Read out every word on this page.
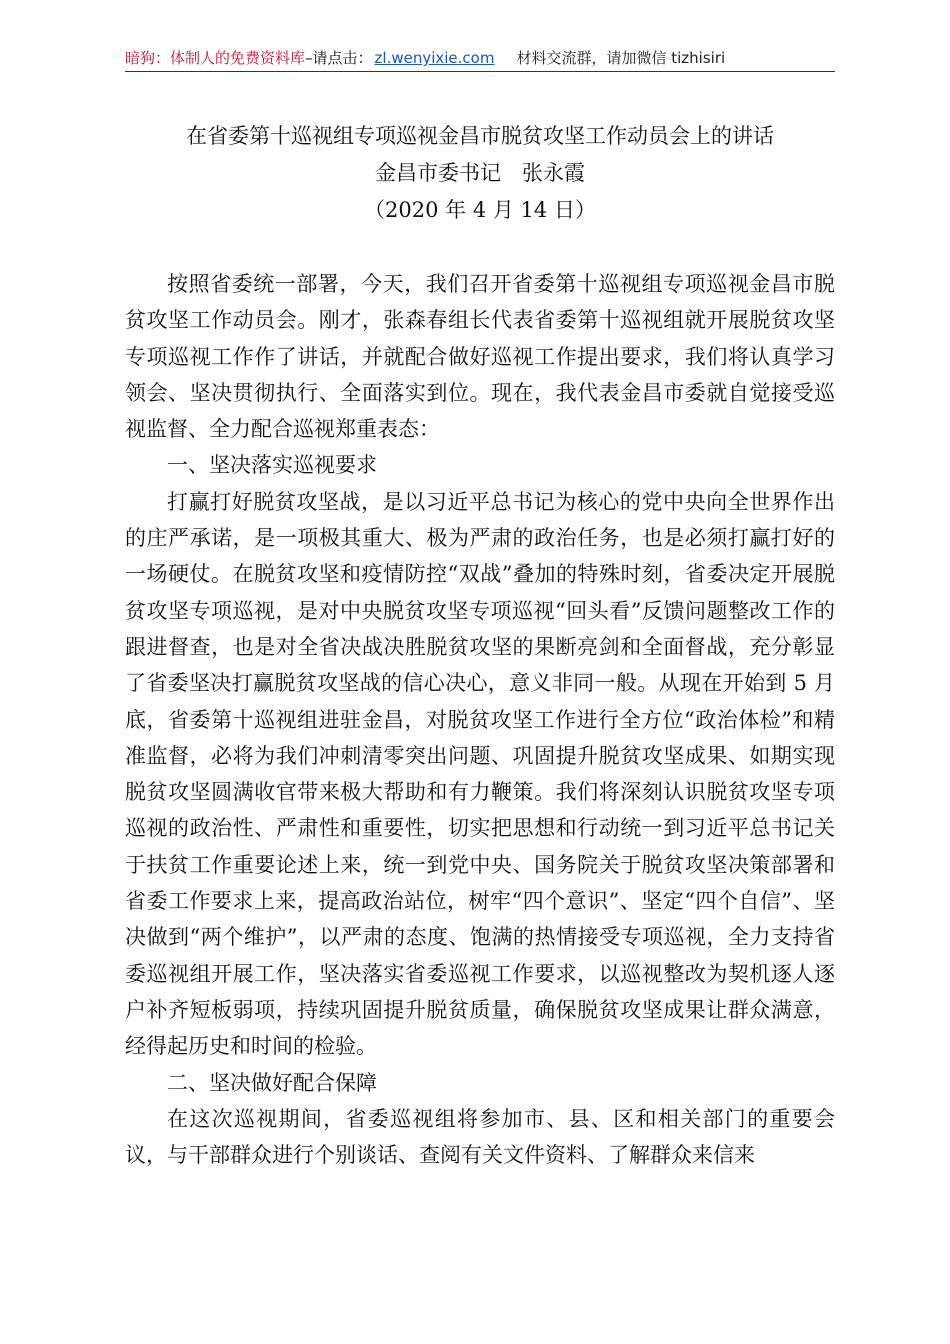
暗狗：体制人的免费资料库–请点击： zl.wenyixie.com 材料交流群，请加微信 tizhisiri
在省委第十巡视组专项巡视金昌市脱贫攻坚工作动员会上的讲话
金昌市委书记　张永霞
（2020 年 4 月 14 日）

按照省委统一部署，今天，我们召开省委第十巡视组专项巡视金昌市脱贫攻坚工作动员会。刚才，张森春组长代表省委第十巡视组就开展脱贫攻坚专项巡视工作作了讲话，并就配合做好巡视工作提出要求，我们将认真学习领会、坚决贯彻执行、全面落实到位。现在，我代表金昌市委就自觉接受巡视监督、全力配合巡视郑重表态：

一、坚决落实巡视要求

打赢打好脱贫攻坚战，是以习近平总书记为核心的党中央向全世界作出的庄严承诺，是一项极其重大、极为严肃的政治任务，也是必须打赢打好的一场硬仗。在脱贫攻坚和疫情防控“双战”叠加的特殊时刻，省委决定开展脱贫攻坚专项巡视，是对中央脱贫攻坚专项巡视“回头看”反馈问题整改工作的跟进督查，也是对全省决战决胜脱贫攻坚的果断亮剑和全面督战，充分彰显了省委坚决打赢脱贫攻坚战的信心决心，意义非同一般。从现在开始到 5 月底，省委第十巡视组进驻金昌，对脱贫攻坚工作进行全方位“政治体检”和精准监督，必将为我们冲刺清零突出问题、巩固提升脱贫攻坚成果、如期实现脱贫攻坚圆满收官带来极大帮助和有力鞭策。我们将深刻认识脱贫攻坚专项巡视的政治性、严肃性和重要性，切实把思想和行动统一到习近平总书记关于扶贫工作重要论述上来，统一到党中央、国务院关于脱贫攻坚决策部署和省委工作要求上来，提高政治站位，树牢“四个意识”、坚定“四个自信”、坚决做到“两个维护”，以严肃的态度、饱满的热情接受专项巡视，全力支持省委巡视组开展工作，坚决落实省委巡视工作要求，以巡视整改为契机逐人逐户补齐短板弱项，持续巩固提升脱贫质量，确保脱贫攻坚成果让群众满意，经得起历史和时间的检验。

二、坚决做好配合保障

在这次巡视期间，省委巡视组将参加市、县、区和相关部门的重要会议，与干部群众进行个别谈话、查阅有关文件资料、了解群众来信来
